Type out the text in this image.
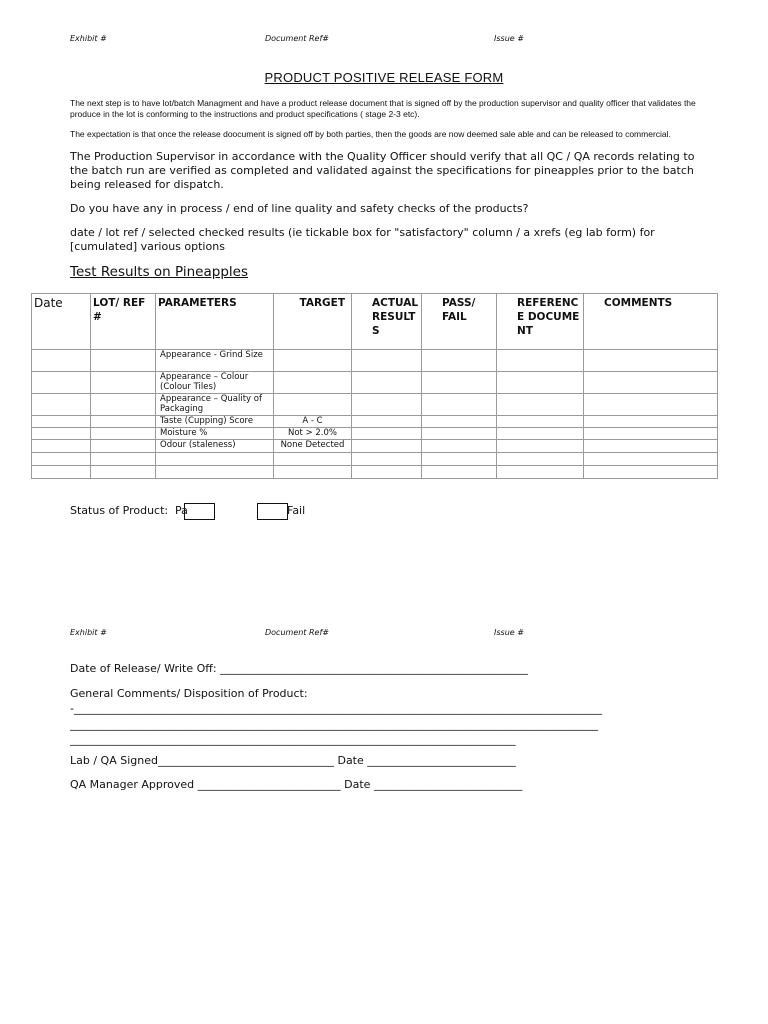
Exhibit #	Document Ref#	Issue #
PRODUCT POSITIVE RELEASE FORM
The next step is to have lot/batch Managment and have a product release document that is signed off by the production supervisor and quality officer that validates the produce in the lot is conforming to the instructions and product specifications ( stage 2-3 etc).
The expectation is that once the release doocument is signed off by both parties, then the goods are now deemed sale able and can be released to commercial.
The Production Supervisor in accordance with the Quality Officer should verify that all QC / QA records relating to the batch run are verified as completed and validated against the specifications for pineapples prior to the batch being released for dispatch.
Do you have any in process / end of line quality and safety checks of the products?
date / lot ref / selected checked results (ie tickable box for "satisfactory" column / a xrefs (eg lab form) for [cumulated] various options
Test Results on Pineapples
Date	LOT/ REF #	PARAMETERS	TARGET	ACTUAL RESULTS	PASS/ FAIL	REFERENCE DOCUMENT	COMMENTS
		Appearance - Grind Size					
		Appearance – Colour (Colour Tiles)					
		Appearance – Quality of Packaging					
		Taste (Cupping) Score	A - C				
		Moisture %	Not > 2.0%				
		Odour (staleness)	None Detected				

Status of Product: Pa	Fail
Exhibit #	Document Ref#	Issue #
Date of Release/ Write Off: ________________________________________________________
General Comments/ Disposition of Product:
-________________________________________________________________________________________________
________________________________________________________________________________________________
_________________________________________________________________________________
Lab / QA Signed________________________________ Date ___________________________
QA Manager Approved __________________________ Date ___________________________
